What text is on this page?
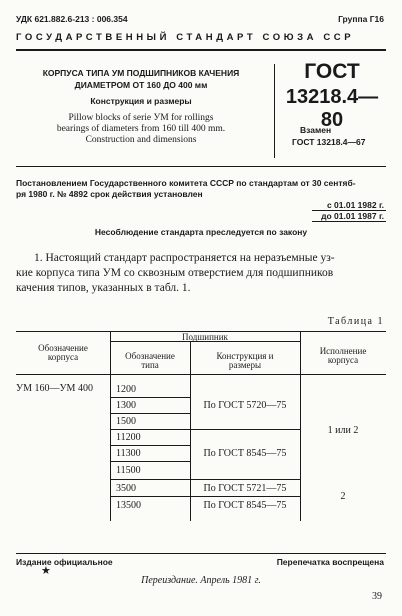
УДК 621.882.6-213 : 006.354	Группа Г16
ГОСУДАРСТВЕННЫЙ СТАНДАРТ СОЮЗА ССР
КОРПУСА ТИПА УМ ПОДШИПНИКОВ КАЧЕНИЯ
ДИАМЕТРОМ ОТ 160 ДО 400 мм
Конструкция и размеры
Pillow blocks of serie УМ for rollings
bearings of diameters from 160 till 400 mm.
Construction and dimensions
ГОСТ
13218.4—80
Взамен
ГОСТ 13218.4—67
Постановлением Государственного комитета СССР по стандартам от 30 сентяб-
ря 1980 г. № 4892 срок действия установлен
с 01.01 1982 г.
до 01.01 1987 г.
Несоблюдение стандарта преследуется по закону
1. Настоящий стандарт распространяется на неразъемные уз-
кие корпуса типа УМ со сквозным отверстием для подшипников
качения типов, указанных в табл. 1.
Таблица 1
Обозначение
корпуса
Подшипник
Обозначение
типа
Конструкция и
размеры
Исполнение
корпуса
УМ 160—УМ 400 1200
1300
1500
11200
11300
11500
3500
13500
По ГОСТ 5720—75
По ГОСТ 8545—75
По ГОСТ 5721—75
По ГОСТ 8545—75
1 или 2
2
Издание официальное
★
Перепечатка воспрещена
Переиздание. Апрель 1981 г.
39
